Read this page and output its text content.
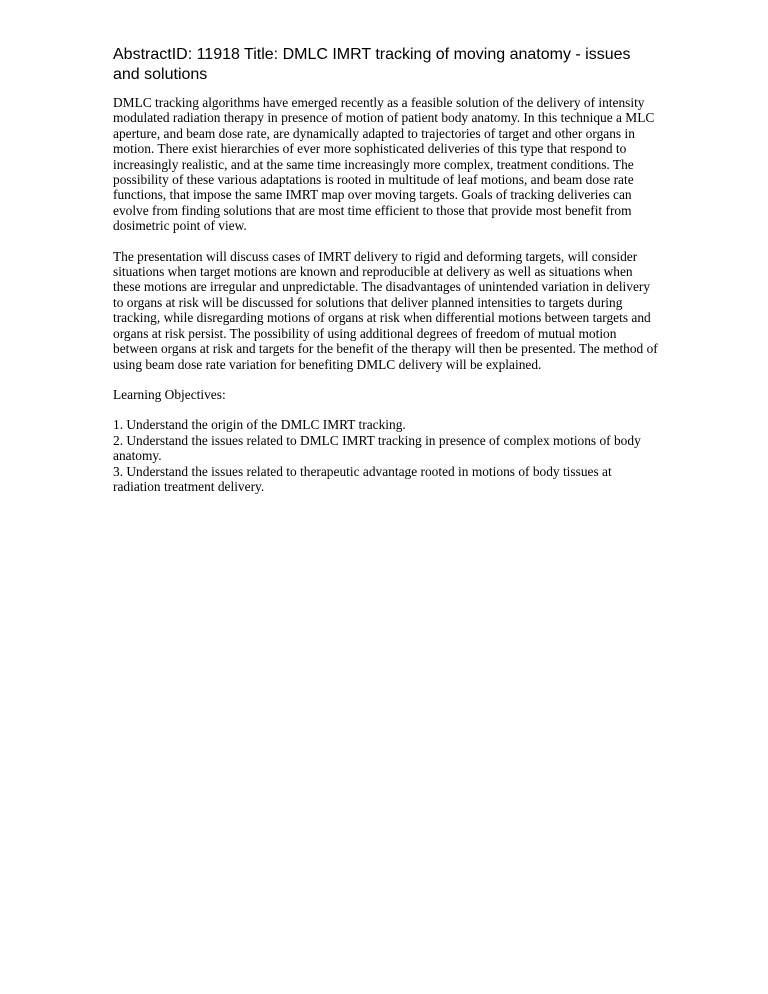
AbstractID: 11918 Title: DMLC IMRT tracking of moving anatomy - issues and solutions

DMLC tracking algorithms have emerged recently as a feasible solution of the delivery of intensity modulated radiation therapy in presence of motion of patient body anatomy. In this technique a MLC aperture, and beam dose rate, are dynamically adapted to trajectories of target and other organs in motion. There exist hierarchies of ever more sophisticated deliveries of this type that respond to increasingly realistic, and at the same time increasingly more complex, treatment conditions. The possibility of these various adaptations is rooted in multitude of leaf motions, and beam dose rate functions, that impose the same IMRT map over moving targets. Goals of tracking deliveries can evolve from finding solutions that are most time efficient to those that provide most benefit from dosimetric point of view.

The presentation will discuss cases of IMRT delivery to rigid and deforming targets, will consider situations when target motions are known and reproducible at delivery as well as situations when these motions are irregular and unpredictable. The disadvantages of unintended variation in delivery to organs at risk will be discussed for solutions that deliver planned intensities to targets during tracking, while disregarding motions of organs at risk when differential motions between targets and organs at risk persist. The possibility of using additional degrees of freedom of mutual motion between organs at risk and targets for the benefit of the therapy will then be presented. The method of using beam dose rate variation for benefiting DMLC delivery will be explained.

Learning Objectives:

1. Understand the origin of the DMLC IMRT tracking.
2. Understand the issues related to DMLC IMRT tracking in presence of complex motions of body anatomy.
3. Understand the issues related to therapeutic advantage rooted in motions of body tissues at radiation treatment delivery.
